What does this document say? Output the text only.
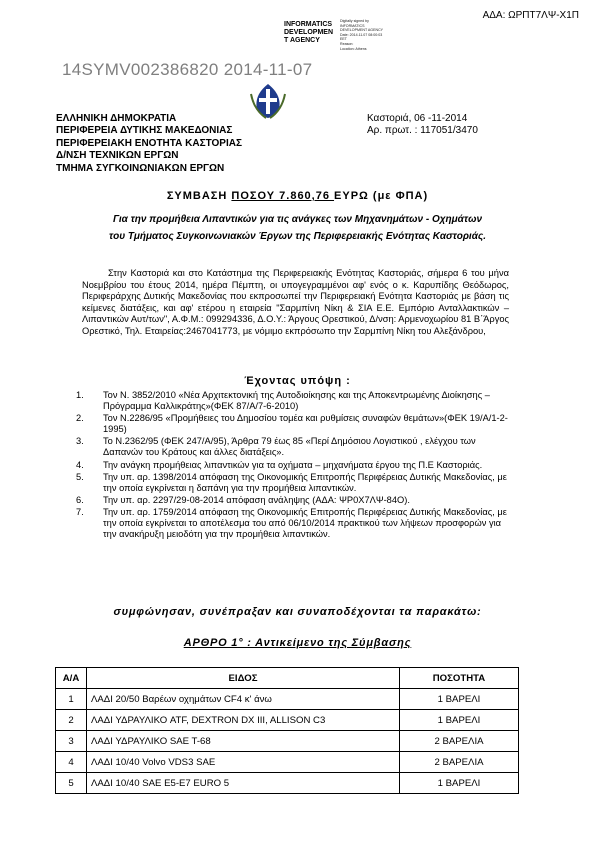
ΑΔΑ: ΩΡΠΤ7ΛΨ-Χ1Π
INFORMATICS
DEVELOPMEN
T AGENCY
Digitally signed by
INFORMATICS
DEVELOPMENT AGENCY
Date: 2014.11.07 08:00:03
EET
Reason:
Location: Athens
14SYMV002386820 2014-11-07
ΕΛΛΗΝΙΚΗ ΔΗΜΟΚΡΑΤΙΑ
ΠΕΡΙΦΕΡΕΙΑ ΔΥΤΙΚΗΣ ΜΑΚΕΔΟΝΙΑΣ
ΠΕΡΙΦΕΡΕΙΑΚΗ ΕΝΟΤΗΤΑ ΚΑΣΤΟΡΙΑΣ
Δ/ΝΣΗ ΤΕΧΝΙΚΩΝ ΕΡΓΩΝ
ΤΜΗΜΑ ΣΥΓΚΟΙΝΩΝΙΑΚΩΝ ΕΡΓΩΝ
Καστοριά, 06 -11-2014
Αρ. πρωτ. : 117051/3470
ΣΥΜΒΑΣΗ ΠΟΣΟΥ 7.860,76 ΕΥΡΩ (με ΦΠΑ)
Για την προμήθεια Λιπαντικών για τις ανάγκες των Μηχανημάτων - Οχημάτων
του Τμήματος Συγκοινωνιακών Έργων της Περιφερειακής Ενότητας Καστοριάς.
Στην Καστοριά και στο Κατάστημα της Περιφερειακής Ενότητας Καστοριάς, σήμερα 6 του μήνα Νοεμβρίου του έτους 2014, ημέρα Πέμπτη, οι υπογεγραμμένοι αφ' ενός ο κ. Καρυπίδης Θεόδωρος, Περιφεράρχης Δυτικής Μακεδονίας που εκπροσωπεί την Περιφερειακή Ενότητα Καστοριάς με βάση τις κείμενες διατάξεις, και αφ' ετέρου η εταιρεία "Σαρμπίνη Νίκη & ΣΙΑ Ε.Ε. Εμπόριο Ανταλλακτικών – Λιπαντικών Αυτ/των", Α.Φ.Μ.: 099294336, Δ.Ο.Υ.: Άργους Ορεστικού, Δ/νση: Αρμενοχωρίου 81 Β΄Άργος Ορεστικό, Τηλ. Εταιρείας:2467041773, με νόμιμο εκπρόσωπο την Σαρμπίνη Νίκη του Αλεξάνδρου,
Έχοντας υπόψη :
1. Τον Ν. 3852/2010 «Νέα Αρχιτεκτονική της Αυτοδιοίκησης και της Αποκεντρωμένης Διοίκησης – Πρόγραμμα Καλλικράτης»(ΦΕΚ 87/Α/7-6-2010)
2. Τον Ν.2286/95 «Προμήθειες του Δημοσίου τομέα και ρυθμίσεις συναφών θεμάτων»(ΦΕΚ 19/Α/1-2-1995)
3. Το Ν.2362/95 (ΦΕΚ 247/Α/95), Άρθρα 79 έως 85 «Περί Δημόσιου Λογιστικού , ελέγχου των Δαπανών του Κράτους και άλλες διατάξεις».
4. Την ανάγκη προμήθειας λιπαντικών για τα οχήματα – μηχανήματα έργου της Π.Ε Καστοριάς.
5. Την υπ. αρ. 1398/2014 απόφαση της Οικονομικής Επιτροπής Περιφέρειας Δυτικής Μακεδονίας, με την οποία εγκρίνεται η δαπάνη για την προμήθεια λιπαντικών.
6. Την υπ. αρ. 2297/29-08-2014 απόφαση ανάληψης (ΑΔΑ: ΨΡ0Χ7ΛΨ-84Ο).
7. Την υπ. αρ. 1759/2014 απόφαση της Οικονομικής Επιτροπής Περιφέρειας Δυτικής Μακεδονίας, με την οποία εγκρίνεται το αποτέλεσμα του από 06/10/2014 πρακτικού των λήψεων προσφορών για την ανακήρυξη μειοδότη για την προμήθεια λιπαντικών.
συμφώνησαν, συνέπραξαν και συναποδέχονται τα παρακάτω:
ΑΡΘΡΟ 1° : Αντικείμενο της Σύμβασης
Α/Α	ΕΙΔΟΣ	ΠΟΣΟΤΗΤΑ
1	ΛΑΔΙ 20/50 Βαρέων οχημάτων CF4 κ' άνω	1 ΒΑΡΕΛΙ
2	ΛΑΔΙ ΥΔΡΑΥΛΙΚΟ ATF, DEXTRON DX III, ALLISON C3	1 ΒΑΡΕΛΙ
3	ΛΑΔΙ ΥΔΡΑΥΛΙΚΟ SAE T-68	2 ΒΑΡΕΛΙΑ
4	ΛΑΔΙ 10/40 Volvo VDS3 SAE	2 ΒΑΡΕΛΙΑ
5	ΛΑΔΙ 10/40 SAE E5-E7 EURO 5	1 ΒΑΡΕΛΙ
